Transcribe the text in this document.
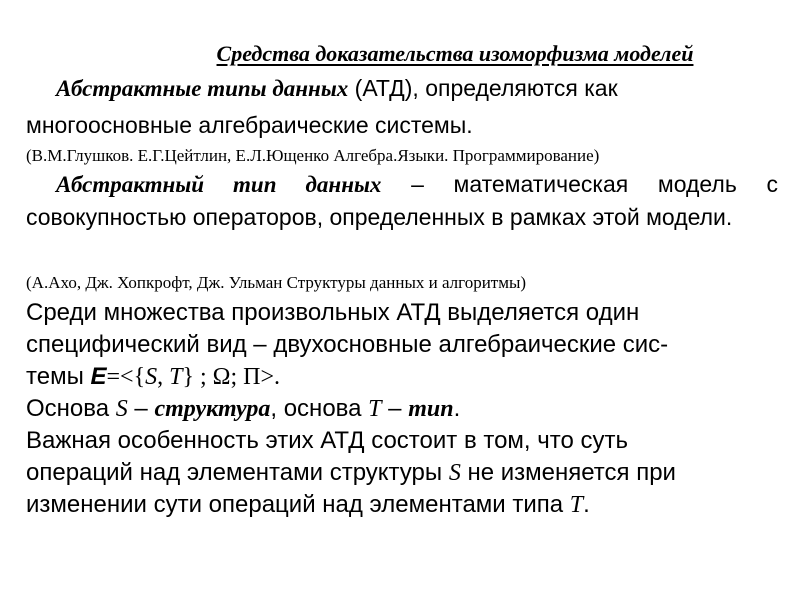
Средства доказательства изоморфизма моделей

Абстрактные типы данных (АТД), определяются как
многоосновные алгебраические системы.

(В.М.Глушков. Е.Г.Цейтлин, Е.Л.Ющенко Алгебра.Языки. Программирование)

Абстрактный тип данных – математическая модель с совокупностью операторов, определенных в рамках этой модели.

(А.Ахо, Дж. Хопкрофт, Дж. Ульман Структуры данных и алгоритмы)

Среди множества произвольных АТД выделяется один
специфический вид – двухосновные алгебраические сис-
темы E=<{S, T} ; Ω; Π>.
Основа S – структура, основа T – тип.
Важная особенность этих АТД состоит в том, что суть
операций над элементами структуры S не изменяется при
изменении сути операций над элементами типа T.
